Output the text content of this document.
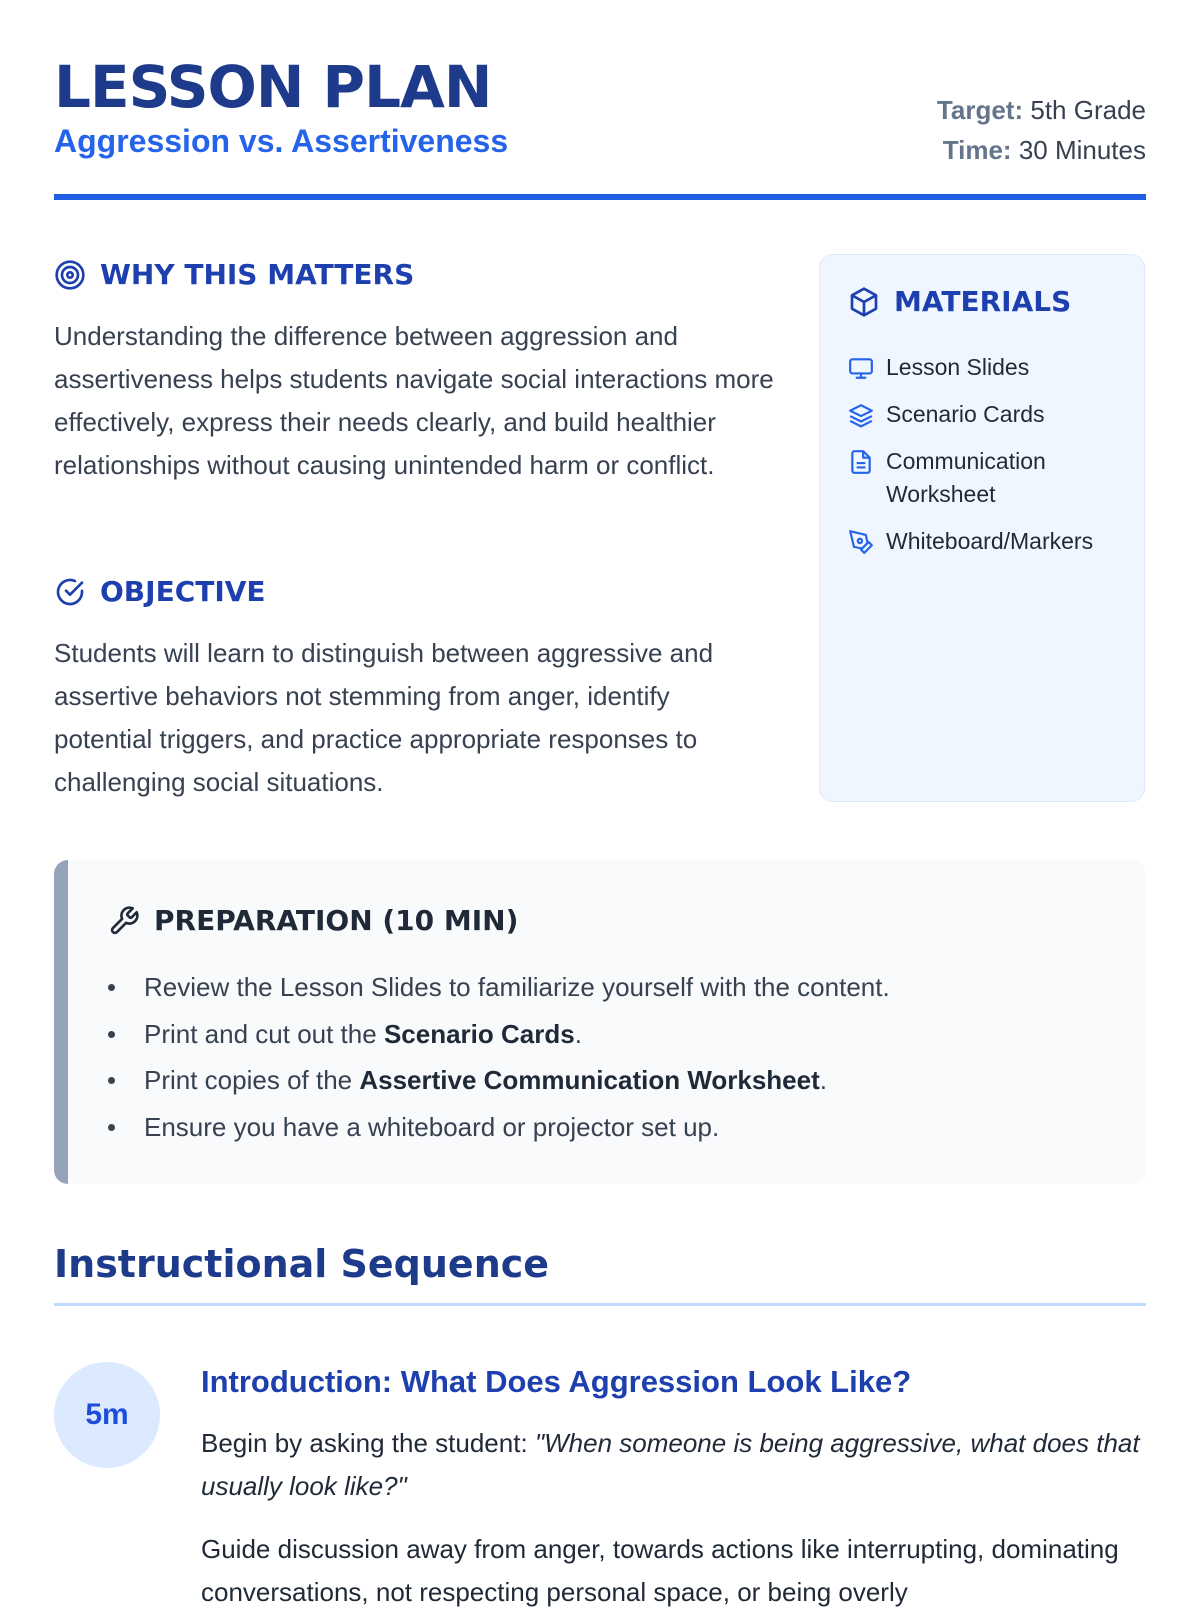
LESSON PLAN
Aggression vs. Assertiveness
Target: 5th Grade
Time: 30 Minutes
WHY THIS MATTERS
Understanding the difference between aggression and assertiveness helps students navigate social interactions more effectively, express their needs clearly, and build healthier relationships without causing unintended harm or conflict.
OBJECTIVE
Students will learn to distinguish between aggressive and assertive behaviors not stemming from anger, identify potential triggers, and practice appropriate responses to challenging social situations.
MATERIALS
Lesson Slides
Scenario Cards
Communication Worksheet
Whiteboard/Markers
PREPARATION (10 MIN)
Review the Lesson Slides to familiarize yourself with the content.
Print and cut out the Scenario Cards.
Print copies of the Assertive Communication Worksheet.
Ensure you have a whiteboard or projector set up.
Instructional Sequence
5m
Introduction: What Does Aggression Look Like?
Begin by asking the student: "When someone is being aggressive, what does that usually look like?"
Guide discussion away from anger, towards actions like interrupting, dominating conversations, not respecting personal space, or being overly
